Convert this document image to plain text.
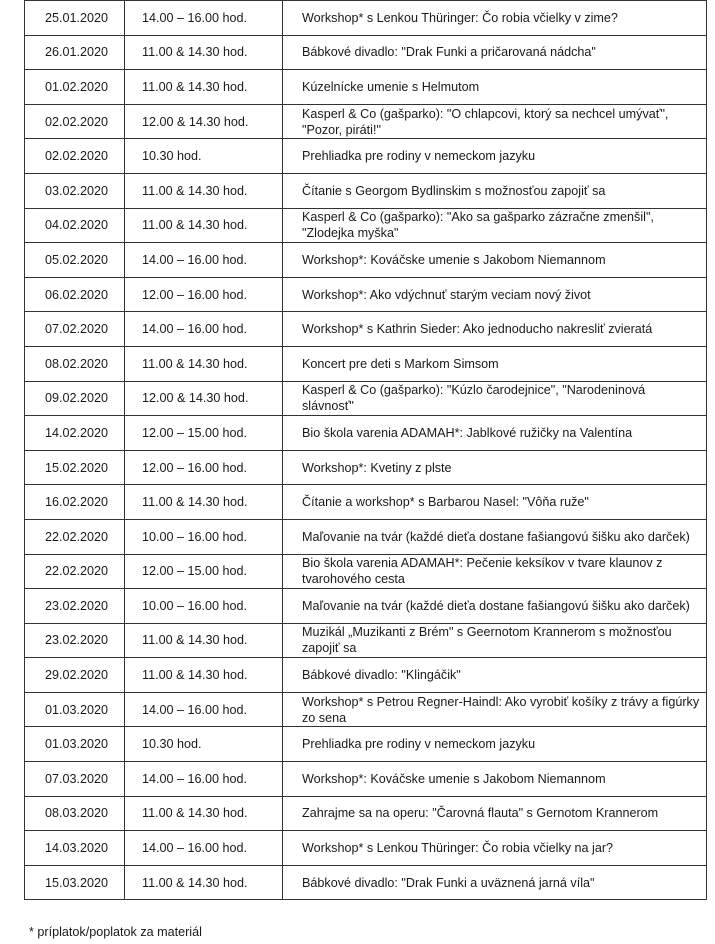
25.01.2020	14.00 – 16.00 hod.	Workshop* s Lenkou Thüringer: Čo robia včielky v zime?
26.01.2020	11.00 & 14.30 hod.	Bábkové divadlo: "Drak Funki a pričarovaná nádcha"
01.02.2020	11.00 & 14.30 hod.	Kúzelnícke umenie s Helmutom
02.02.2020	12.00 & 14.30 hod.	Kasperl & Co (gašparko): "O chlapcovi, ktorý sa nechcel umývať", "Pozor, piráti!"
02.02.2020	10.30 hod.	Prehliadka pre rodiny v nemeckom jazyku
03.02.2020	11.00 & 14.30 hod.	Čítanie s Georgom Bydlinskim s možnosťou zapojiť sa
04.02.2020	11.00 & 14.30 hod.	Kasperl & Co (gašparko): "Ako sa gašparko zázračne zmenšil", "Zlodejka myška"
05.02.2020	14.00 – 16.00 hod.	Workshop*: Kováčske umenie s Jakobom Niemannom
06.02.2020	12.00 – 16.00 hod.	Workshop*: Ako vdýchnuť starým veciam nový život
07.02.2020	14.00 – 16.00 hod.	Workshop* s Kathrin Sieder: Ako jednoducho nakresliť zvieratá
08.02.2020	11.00 & 14.30 hod.	Koncert pre deti s Markom Simsom
09.02.2020	12.00 & 14.30 hod.	Kasperl & Co (gašparko): "Kúzlo čarodejnice", "Narodeninová slávnosť"
14.02.2020	12.00 – 15.00 hod.	Bio škola varenia ADAMAH*: Jablkové ružičky na Valentína
15.02.2020	12.00 – 16.00 hod.	Workshop*: Kvetiny z plste
16.02.2020	11.00 & 14.30 hod.	Čítanie a workshop* s Barbarou Nasel: "Vôňa ruže"
22.02.2020	10.00 – 16.00 hod.	Maľovanie na tvár (každé dieťa dostane fašiangovú šišku ako darček)
22.02.2020	12.00 – 15.00 hod.	Bio škola varenia ADAMAH*: Pečenie keksíkov v tvare klaunov z tvarohového cesta
23.02.2020	10.00 – 16.00 hod.	Maľovanie na tvár (každé dieťa dostane fašiangovú šišku ako darček)
23.02.2020	11.00 & 14.30 hod.	Muzikál „Muzikanti z Brém" s Geernotom Krannerom s možnosťou zapojiť sa
29.02.2020	11.00 & 14.30 hod.	Bábkové divadlo: "Klingáčik"
01.03.2020	14.00 – 16.00 hod.	Workshop* s Petrou Regner-Haindl: Ako vyrobiť košíky z trávy a figúrky zo sena
01.03.2020	10.30 hod.	Prehliadka pre rodiny v nemeckom jazyku
07.03.2020	14.00 – 16.00 hod.	Workshop*: Kováčske umenie s Jakobom Niemannom
08.03.2020	11.00 & 14.30 hod.	Zahrajme sa na operu: "Čarovná flauta" s Gernotom Krannerom
14.03.2020	14.00 – 16.00 hod.	Workshop* s Lenkou Thüringer: Čo robia včielky na jar?
15.03.2020	11.00 & 14.30 hod.	Bábkové divadlo: "Drak Funki a uväznená jarná víla"
* príplatok/poplatok za materiál
